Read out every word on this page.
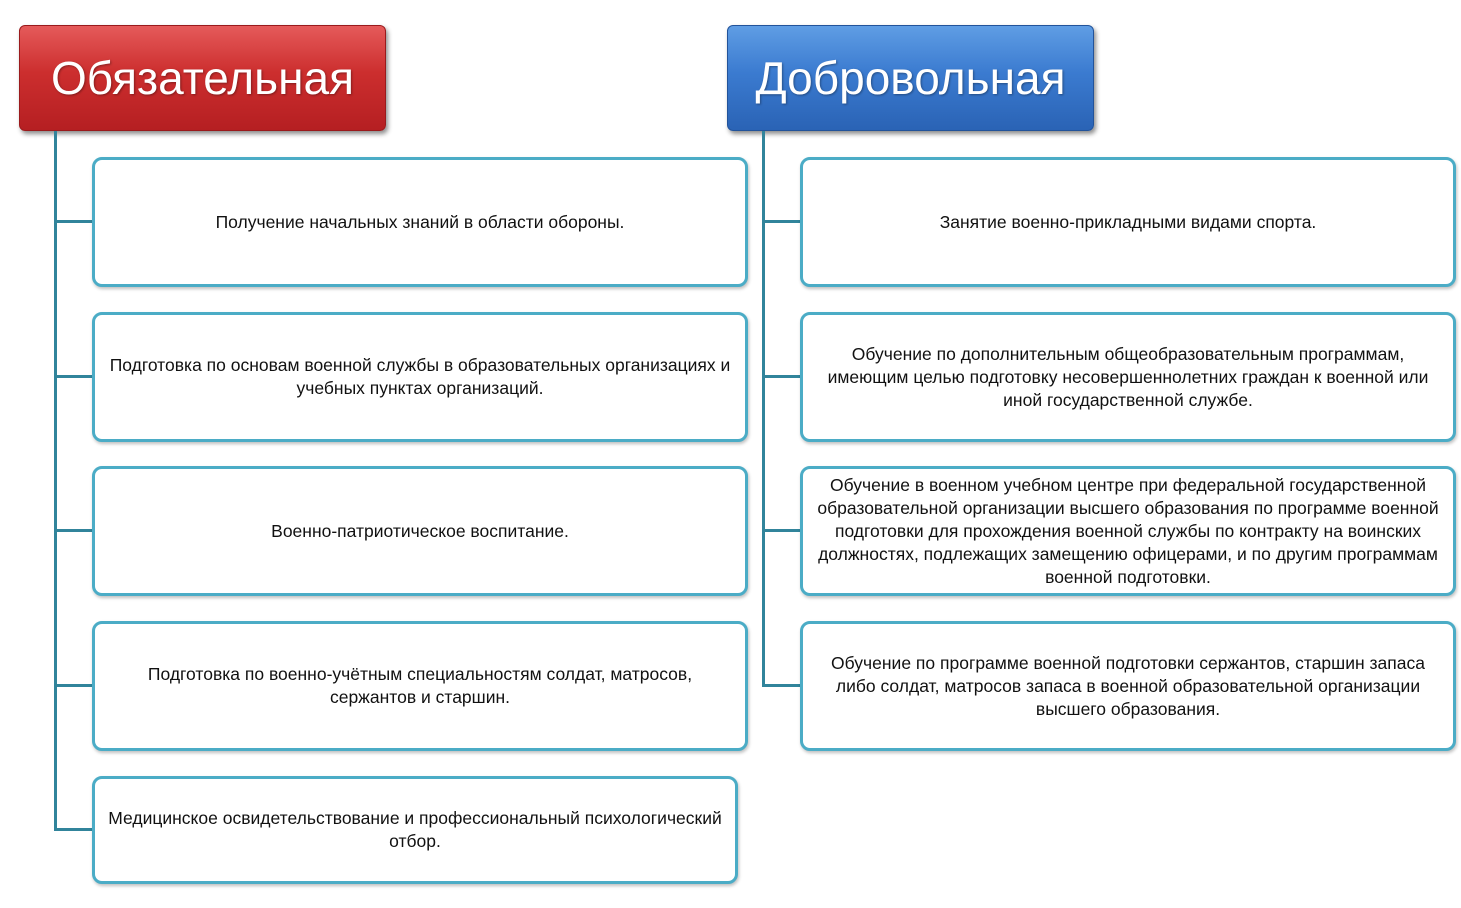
Обязательная	Добровольная
Получение начальных знаний в области обороны.
Подготовка по основам военной службы в образовательных организациях и учебных пунктах организаций.
Военно-патриотическое воспитание.
Подготовка по военно-учётным специальностям солдат, матросов, сержантов и старшин.
Медицинское освидетельствование и профессиональный психологический отбор.
Занятие военно-прикладными видами спорта.
Обучение по дополнительным общеобразовательным программам, имеющим целью подготовку несовершеннолетних граждан к военной или иной государственной службе.
Обучение в военном учебном центре при федеральной государственной образовательной организации высшего образования по программе военной подготовки для прохождения военной службы по контракту на воинских должностях, подлежащих замещению офицерами, и по другим программам военной подготовки.
Обучение по программе военной подготовки сержантов, старшин запаса либо солдат, матросов запаса в военной образовательной организации высшего образования.
